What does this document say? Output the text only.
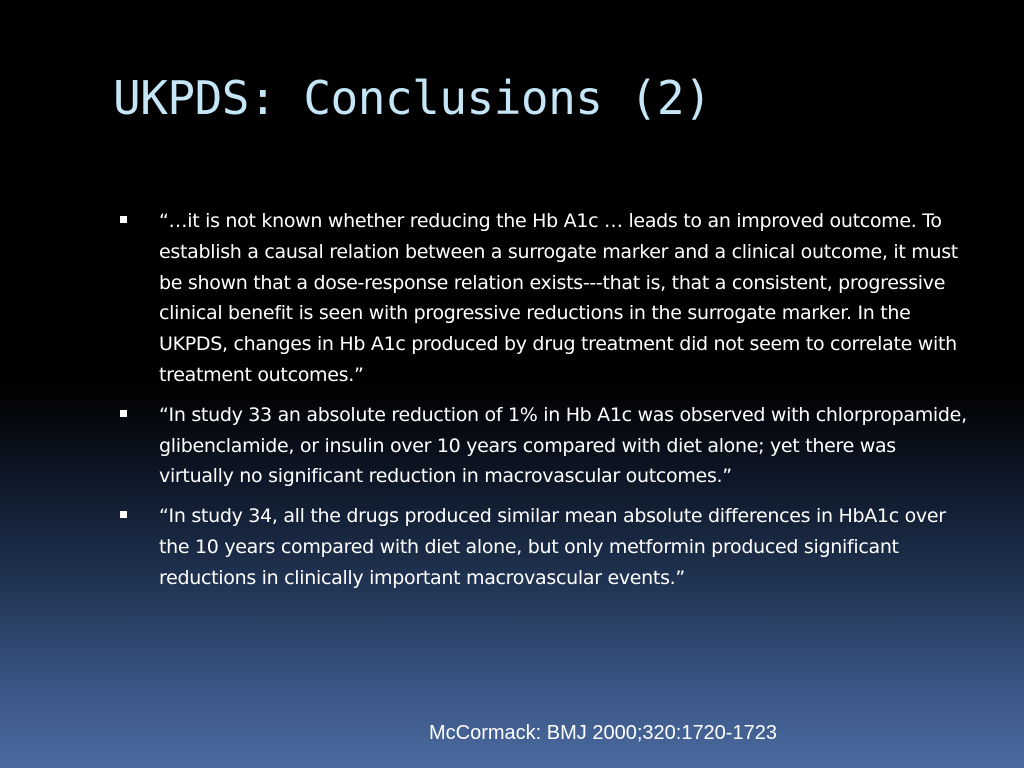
UKPDS: Conclusions (2)
“…it is not known whether reducing the Hb A1c … leads to an improved outcome. To establish a causal relation between a surrogate marker and a clinical outcome, it must be shown that a dose-response relation exists---that is, that a consistent, progressive clinical benefit is seen with progressive reductions in the surrogate marker. In the UKPDS, changes in Hb A1c produced by drug treatment did not seem to correlate with treatment outcomes.”
“In study 33 an absolute reduction of 1% in Hb A1c was observed with chlorpropamide, glibenclamide, or insulin over 10 years compared with diet alone; yet there was virtually no significant reduction in macrovascular outcomes.”
“In study 34, all the drugs produced similar mean absolute differences in HbA1c over the 10 years compared with diet alone, but only metformin produced significant reductions in clinically important macrovascular events.”

McCormack: BMJ 2000;320:1720-1723
